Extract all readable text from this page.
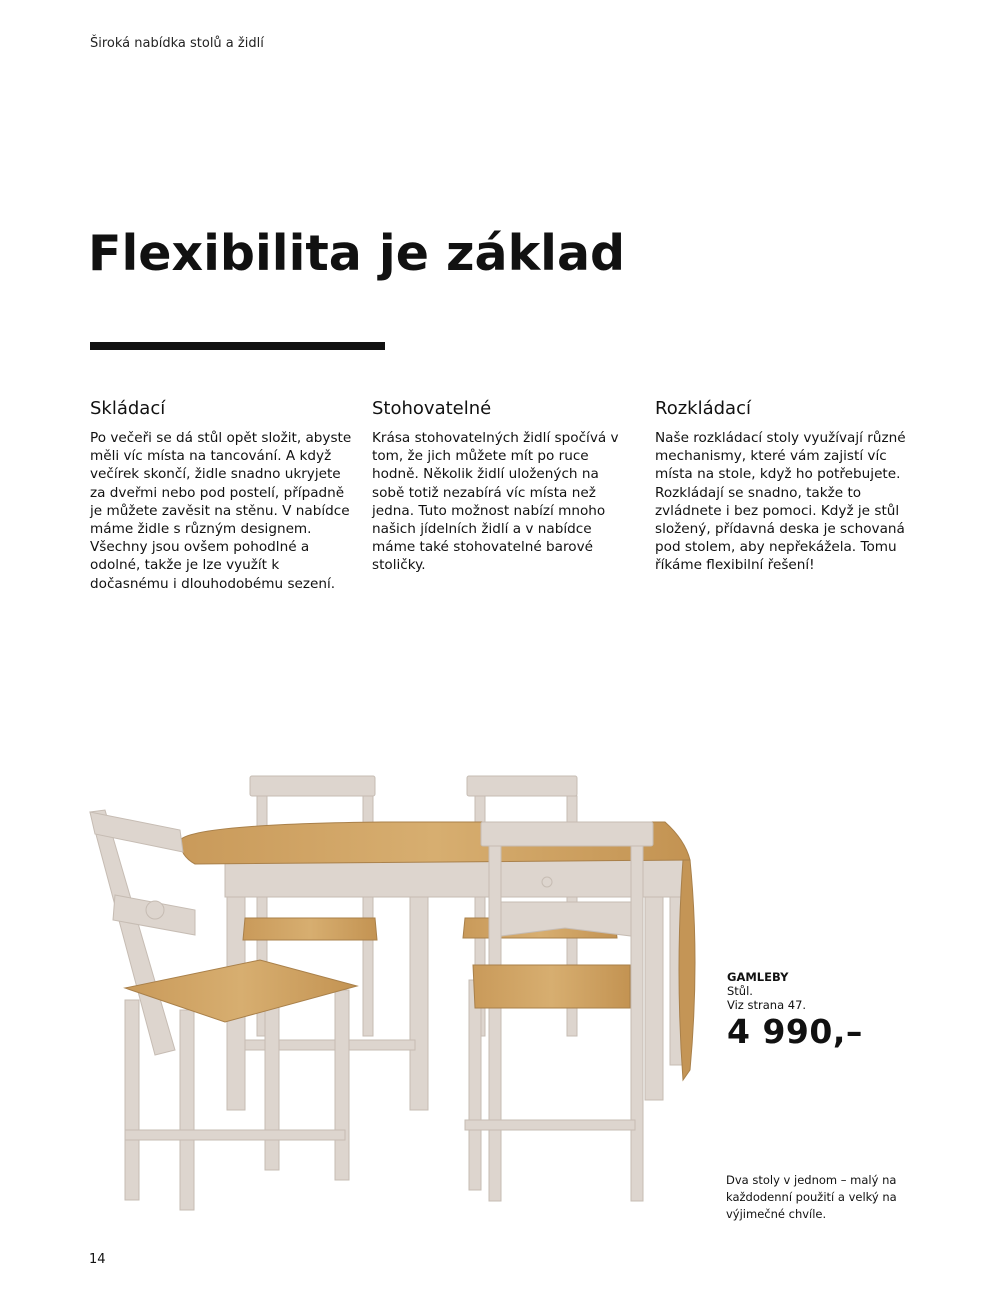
Široká nabídka stolů a židlí
Flexibilita je základ
Skládací

Po večeři se dá stůl opět složit, abyste měli víc místa na tancování. A když večírek skončí, židle snadno ukryjete za dveřmi nebo pod postelí, případně je můžete zavěsit na stěnu. V nabídce máme židle s různým designem. Všechny jsou ovšem pohodlné a odolné, takže je lze využít k dočasnému i dlouhodobému sezení.

Stohovatelné

Krása stohovatelných židlí spočívá v tom, že jich můžete mít po ruce hodně. Několik židlí uložených na sobě totiž nezabírá víc místa než jedna. Tuto možnost nabízí mnoho našich jídelních židlí a v nabídce máme také stohovatelné barové stoličky.

Rozkládací

Naše rozkládací stoly využívají různé mechanismy, které vám zajistí víc místa na stole, když ho potřebujete. Rozkládají se snadno, takže to zvládnete i bez pomoci. Když je stůl složený, přídavná deska je schovaná pod stolem, aby nepřekážela. Tomu říkáme flexibilní řešení!

GAMLEBY
Stůl.
Viz strana 47.
4 990,–
Dva stoly v jednom – malý na každodenní použití a velký na výjimečné chvíle.
14
